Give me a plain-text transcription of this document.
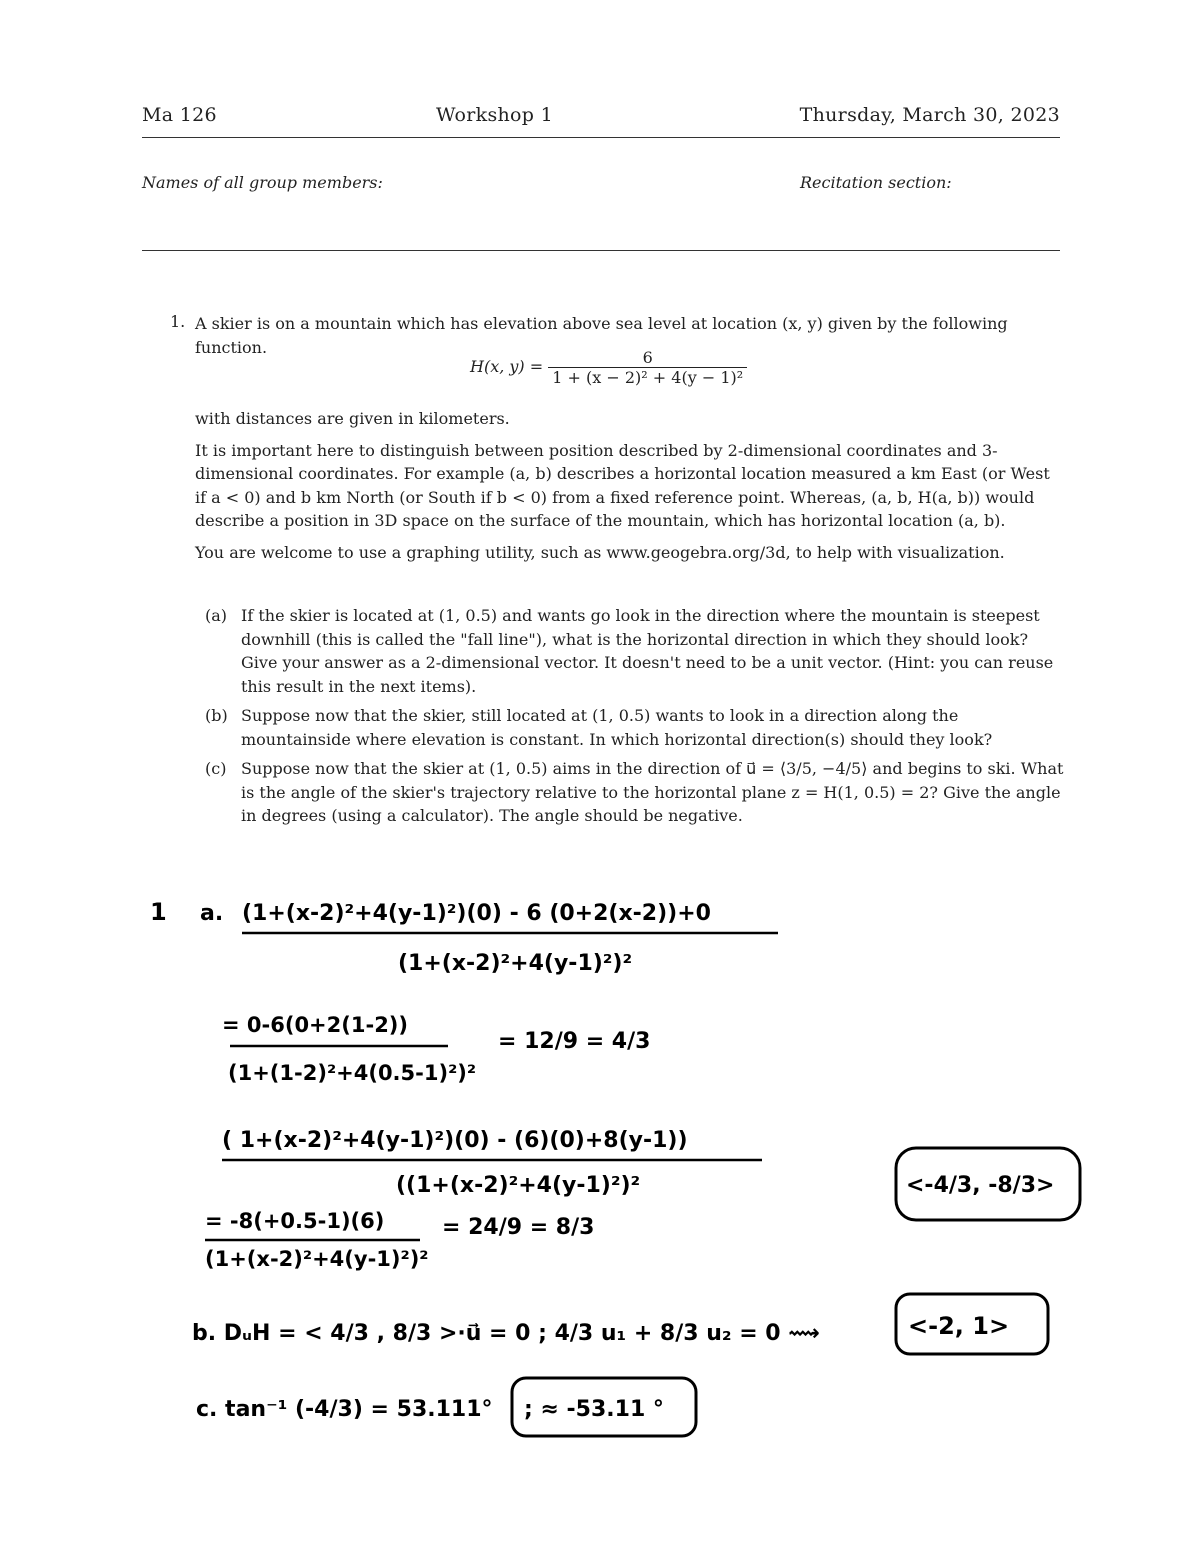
Ma 126	Workshop 1	Thursday, March 30, 2023
Names of all group members:	Recitation section:
1. A skier is on a mountain which has elevation above sea level at location (x, y) given by the following function.
H(x, $y) = \frac{6}{\text{1 + (x − 2)² + 4(y − 1)²}}$

with distances are given in kilometers.

It is important here to distinguish between position described by 2-dimensional coordinates and 3-dimensional coordinates. For example (a, b) describes a horizontal location measured a km East (or West if a < 0) and b km North (or South if b < 0) from a fixed reference point. Whereas, (a, b, H(a, b)) would describe a position in 3D space on the surface of the mountain, which has horizontal location (a, b).

You are welcome to use a graphing utility, such as www.geogebra.org/3d, to help with visualization.

(a) If the skier is located at (1, 0.5) and wants go look in the direction where the mountain is steepest downhill (this is called the "fall line"), what is the horizontal direction in which they should look? Give your answer as a 2-dimensional vector. It doesn't need to be a unit vector. (Hint: you can reuse this result in the next items).
(b) Suppose now that the skier, still located at (1, 0.5) wants to look in a direction along the mountainside where elevation is constant. In which horizontal direction(s) should they look?
(c) Suppose now that the skier at (1, 0.5) aims in the direction of u⃗ = ⟨3/5, −4/5⟩ and begins to ski. What is the angle of the skier's trajectory relative to the horizontal plane z = H(1, 0.5) = 2? Give the angle in degrees (using a calculator). The angle should be negative.
1 a. (1+(x-2)²+4(y-1)²)(0) - 6 (0+2(x-2))+0
(1+(x-2)²+4(y-1)²)²
= 0-6(0+2(1-2))
(1+(1-2)²+4(0.5-1)²)²
= 12/9 = 4/3
( 1+(x-2)²+4(y-1)²)(0) - (6)(0)+8(y-1))
((1+(x-2)²+4(y-1)²)²
= -8(+0.5-1)(6)
(1+(x-2)²+4(y-1)²)²
= 24/9 = 8/3
<-4/3, -8/3>
b. DᵤH = < 4/3 , 8/3 >·u⃗ = 0 ; 4/3 u₁ + 8/3 u₂ = 0 ⟿	<-2, 1>
c. tan⁻¹ (-4/3) = 53.111° ; ≈ -53.11 °
